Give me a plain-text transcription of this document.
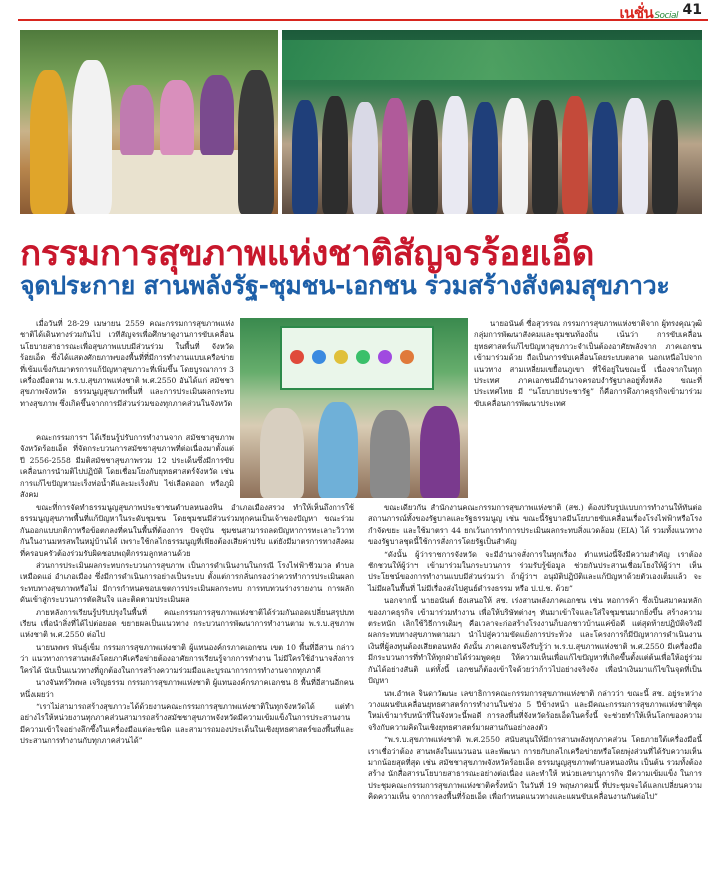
เนชั่นSocial 41
กรรมการสุขภาพแห่งชาติสัญจรร้อยเอ็ด
จุดประกาย สานพลังรัฐ-ชุมชน-เอกชน ร่วมสร้างสังคมสุขภาวะ

เมื่อวันที่ 28-29 เมษายน 2559 คณะกรรมการสุขภาพแห่งชาติได้เดินทางร่วมกันไป เวทีสัญจรเพื่อศึกษาดูงานการขับเคลื่อนนโยบายสาธารณะเพื่อสุขภาพแบบมีส่วนร่วม ในพื้นที่ จังหวัดร้อยเอ็ด ซึ่งได้แสดงศักยภาพของพื้นที่ที่มีการทำงานแบบเครือข่ายที่เข้มแข็งกับมาตรการแก้ปัญหาสุขภาวะที่เพิ่มขึ้น โดยบูรณาการ 3 เครื่องมือตาม พ.ร.บ.สุขภาพแห่งชาติ พ.ศ.2550 อันได้แก่ สมัชชาสุขภาพจังหวัด ธรรมนูญสุขภาพพื้นที่ และการประเมินผลกระทบทางสุขภาพ ซึ่งเกิดขึ้นจากการมีส่วนร่วมของทุกภาคส่วนในจังหวัด

คณะกรรมการฯ ได้เรียนรู้ปรับการทำงานจาก สมัชชาสุขภาพจังหวัดร้อยเอ็ด ที่จัดกระบวนการสมัชชาสุขภาพที่ต่อเนื่องมาตั้งแต่ปี 2556-2558 มีมติสมัชชาสุขภาพรวม 12 ประเด็นซึ่งมีการขับเคลื่อนการนำมติไปปฏิบัติ โดยเชื่อมโยงกับยุทธศาสตร์จังหวัด เช่น การแก้ไขปัญหามะเร็งท่อน้ำดีและมะเร็งตับ ไข่เลือดออก หรือภูมิสังคม

ขณะที่การจัดทำธรรมนูญสุขภาพประชาชนตำบลหนองหิน อำเภอเมืองสรวง ทำให้เห็นถึงการใช้ธรรมนูญสุขภาพพื้นที่แก้ปัญหาในระดับชุมชน โดยชุมชนมีส่วนร่วมทุกคนเป็นเจ้าของปัญหา ขณะร่วมกันออกแบบกติกาหรือข้อตกลงที่คนในพื้นที่ต้องการ ปัจจุบัน ชุมชนสามารถลดปัญหาการทะเลาะวิวาทกันในงานมหรสพในหมู่บ้านได้ เพราะใช้กลไกธรรมนูญที่เพียงต้องเสียค่าปรับ แต่ยังมีมาตรการทางสังคมที่ครอบครัวต้องร่วมรับผิดชอบพฤติกรรมลูกหลานด้วย

ส่วนการประเมินผลกระทบกระบวนการสุขภาพ เป็นการดำเนินงานในกรณี โรงไฟฟ้าชีวมวล ตำบลเหมือดแอ่ อำเภอเมือง ซึ่งมีการดำเนินการอย่างเป็นระบบ ตั้งแต่การกลั่นกรองว่าควรทำการประเมินผลกระทบทางสุขภาพหรือไม่ มีการกำหนดขอบเขตการประเมินผลกระทบ การทบทวนร่างรายงาน การผลักดันเข้าสู่กระบวนการตัดสินใจ และติดตามประเมินผล

ภายหลังการเรียนรู้ปรับปรุงในพื้นที่ คณะกรรมการสุขภาพแห่งชาติได้ร่วมกันถอดเปลี่ยนสรุปบทเรียน เพื่อนำสิ่งที่ได้ไปต่อยอด ขยายผลเป็นแนวทาง กระบวนการพัฒนาการทำงานตาม พ.ร.บ.สุขภาพแห่งชาติ พ.ศ.2550 ต่อไป

นายนพพร พันธุ์เข็ม กรรมการสุขภาพแห่งชาติ ผู้แทนองค์กรภาคเอกชน เขต 10 พื้นที่อีสาน กล่าวว่า แนวทางการสานพลังโดยภาคีเครือข่ายต้องอาศัยการเรียนรู้จากการทำงาน ไม่มีใครใช้อำนาจสั่งการใครได้ นับเป็นแนวทางที่ถูกต้องในการสร้างความร่วมมือและบูรณาการการทำงานจากทุกภาคี

นางจันทร์วิพพล เจริญธรรม กรรมการสุขภาพแห่งชาติ ผู้แทนองค์กรภาคเอกชน 8 พื้นที่อีสานอีกคนหนึ่งเผยว่า

“เราไม่สามารถสร้างสุขภาวะได้ด้วยงานคณะกรรมการสุขภาพแห่งชาติในทุกจังหวัดได้ แต่ทำอย่างไรให้หน่วยงานทุกภาคส่วนสามารถสร้างสมัชชาสุขภาพจังหวัดมีความเข้มแข็งในการประสานงาน มีความเข้าใจอย่างลึกซึ้งในเครื่องมือแต่ละชนิด และสามารถมองประเด็นในเชิงยุทธศาสตร์ของพื้นที่และประสานการทำงานกับทุกภาคส่วนได้”

นายอนันต์ ซื่อสุวรรณ กรรมการสุขภาพแห่งชาติจาก ผู้ทรงคุณวุฒิ กลุ่มการพัฒนาสังคมและชุมชนท้องถิ่น เน้นว่า การขับเคลื่อนยุทธศาสตร์แก้ไขปัญหาสุขภาวะจำเป็นต้องอาศัยพลังจาก ภาคเอกชน เข้ามาร่วมด้วย ถือเป็นการขับเคลื่อนโดยระบบตลาด นอกเหนือไปจากแนวทาง สามเหลี่ยมเขยื้อนภูเขา ที่ใช้อยู่ในขณะนี้ เนื่องจากในทุกประเทศ ภาคเอกชนมีอำนาจครอบงำรัฐบาลอยู่ทั้งหลัง ขณะที่ประเทศไทย มี “นโยบายประชารัฐ” ก็คือการดึงภาคธุรกิจเข้ามาร่วมขับเคลื่อนการพัฒนาประเทศ

ขณะเดียวกัน สำนักงานคณะกรรมการสุขภาพแห่งชาติ (สช.) ต้องปรับรูปแบบการทำงานให้ทันต่อสถานการณ์ทั้งของรัฐบาลและรัฐธรรมนูญ เช่น ขณะนี้รัฐบาลมีนโยบายขับเคลื่อนเรื่องโรงไฟฟ้าหรือโรงกำจัดขยะ และใช้มาตรา 44 ยกเว้นการทำการประเมินผลกระทบสิ่งแวดล้อม (EIA) ได้ รวมทั้งแนวทางของรัฐบาลชุดนี้ใช้การสั่งการโดยรัฐเป็นสำคัญ

“ดังนั้น ผู้ว่าราชการจังหวัด จะมีอำนาจสั่งการในทุกเรื่อง ตำแหน่งนี้จึงมีความสำคัญ เราต้องชักชวนให้ผู้ว่าฯ เข้ามาร่วมในกระบวนการ ร่วมรับรู้ข้อมูล ช่วยกันประสานเชื่อมโยงให้ผู้ว่าฯ เห็นประโยชน์ของการทำงานแบบมีส่วนร่วมว่า ถ้าผู้ว่าฯ อนุมัติปฏิบัติและแก้ปัญหาด้วยตัวเองเต็มแล้ว จะไม่มีผลในพื้นที่ ไม่มีเรื่องส่งไปศูนย์ดำรงธรรม หรือ ป.ป.ช. ด้วย”

นอกจากนี้ นายอนันต์ ยังเสนอให้ สช. เร่งสานพลังภาคเอกชน เช่น หอการค้า ซึ่งเป็นสมาคมหลักของภาคธุรกิจ เข้ามาร่วมทำงาน เพื่อให้บริษัทต่างๆ หันมาเข้าใจและใส่ใจชุมชนมากยิ่งขึ้น สร้างความตระหนัก เลิกใช้วิธีการเดิมๆ คือเวลาจะก่อสร้างโรงงานก็บอกชาวบ้านแค่ข้อดี แต่สุดท้ายปฏิบัติจริงมีผลกระทบทางสุขภาพตามมา นำไปสู่ความขัดแย้งการประท้วง และโครงการก็มีปัญหาการดำเนินงาน เงินที่ผู้ลงทุนต้องเสียตอนหลัง ดังนั้น ภาคเอกชนจึงรับรู้ว่า พ.ร.บ.สุขภาพแห่งชาติ พ.ศ.2550 มีเครื่องมือ มีกระบวนการที่ทำให้ทุกฝ่ายได้ร่วมพูดคุย ให้ความเห็นเพื่อแก้ไขปัญหาที่เกิดขึ้นตั้งแต่ต้นเพื่อให้อยู่ร่วมกันได้อย่างสันติ แต่ทั้งนี้ เอกชนก็ต้องเข้าใจด้วยว่าก้าวไปอย่างจริงจัง เพื่อนำเงินมาแก้ไขในจุดที่เป็นปัญหา

นพ.อำพล จินดาวัฒนะ เลขาธิการคณะกรรมการสุขภาพแห่งชาติ กล่าวว่า ขณะนี้ สช. อยู่ระหว่างวางแผนขับเคลื่อนยุทธศาสตร์การทำงานในช่วง 5 ปีข้างหน้า และมีคณะกรรมการสุขภาพแห่งชาติชุดใหม่เข้ามารับหน้าที่ในจังหวะนี้พอดี การลงพื้นที่จังหวัดร้อยเอ็ดในครั้งนี้ จะช่วยทำให้เห็นโลกของความจริงกับความคิดในเชิงยุทธศาสตร์มาผสานกันอย่างลงตัว

“พ.ร.บ.สุขภาพแห่งชาติ พ.ศ.2550 สนับสนุนให้มีการสานพลังทุกภาคส่วน โดยภายใต้เครื่องมือนี้ เราเชื่อว่าต้อง สานพลังในแนวนอน และพัฒนา การยกับกลไกเครือข่ายหรือโดยพุ่งส่วนที่ได้รับความเห็นมากน้อยสุดที่สุด เช่น สมัชชาสุขภาพจังหวัดร้อยเอ็ด ธรรมนูญสุขภาพตำบลหนองหิน เป็นต้น รวมทั้งต้องสร้าง นักสื่อสารนโยบายสาธารณะอย่างต่อเนื่อง และทำให้ หน่วยเลขานุการกิจ มีความเข้มแข็ง ในการประชุมคณะกรรมการสุขภาพแห่งชาติครั้งหน้า ในวันที่ 19 พฤษภาคมนี้ ที่ประชุมจะได้แลกเปลี่ยนความคิดความเห็น จากการลงพื้นที่ร้อยเอ็ด เพื่อกำหนดแนวทางและแผนขับเคลื่อนงานกันต่อไป”
